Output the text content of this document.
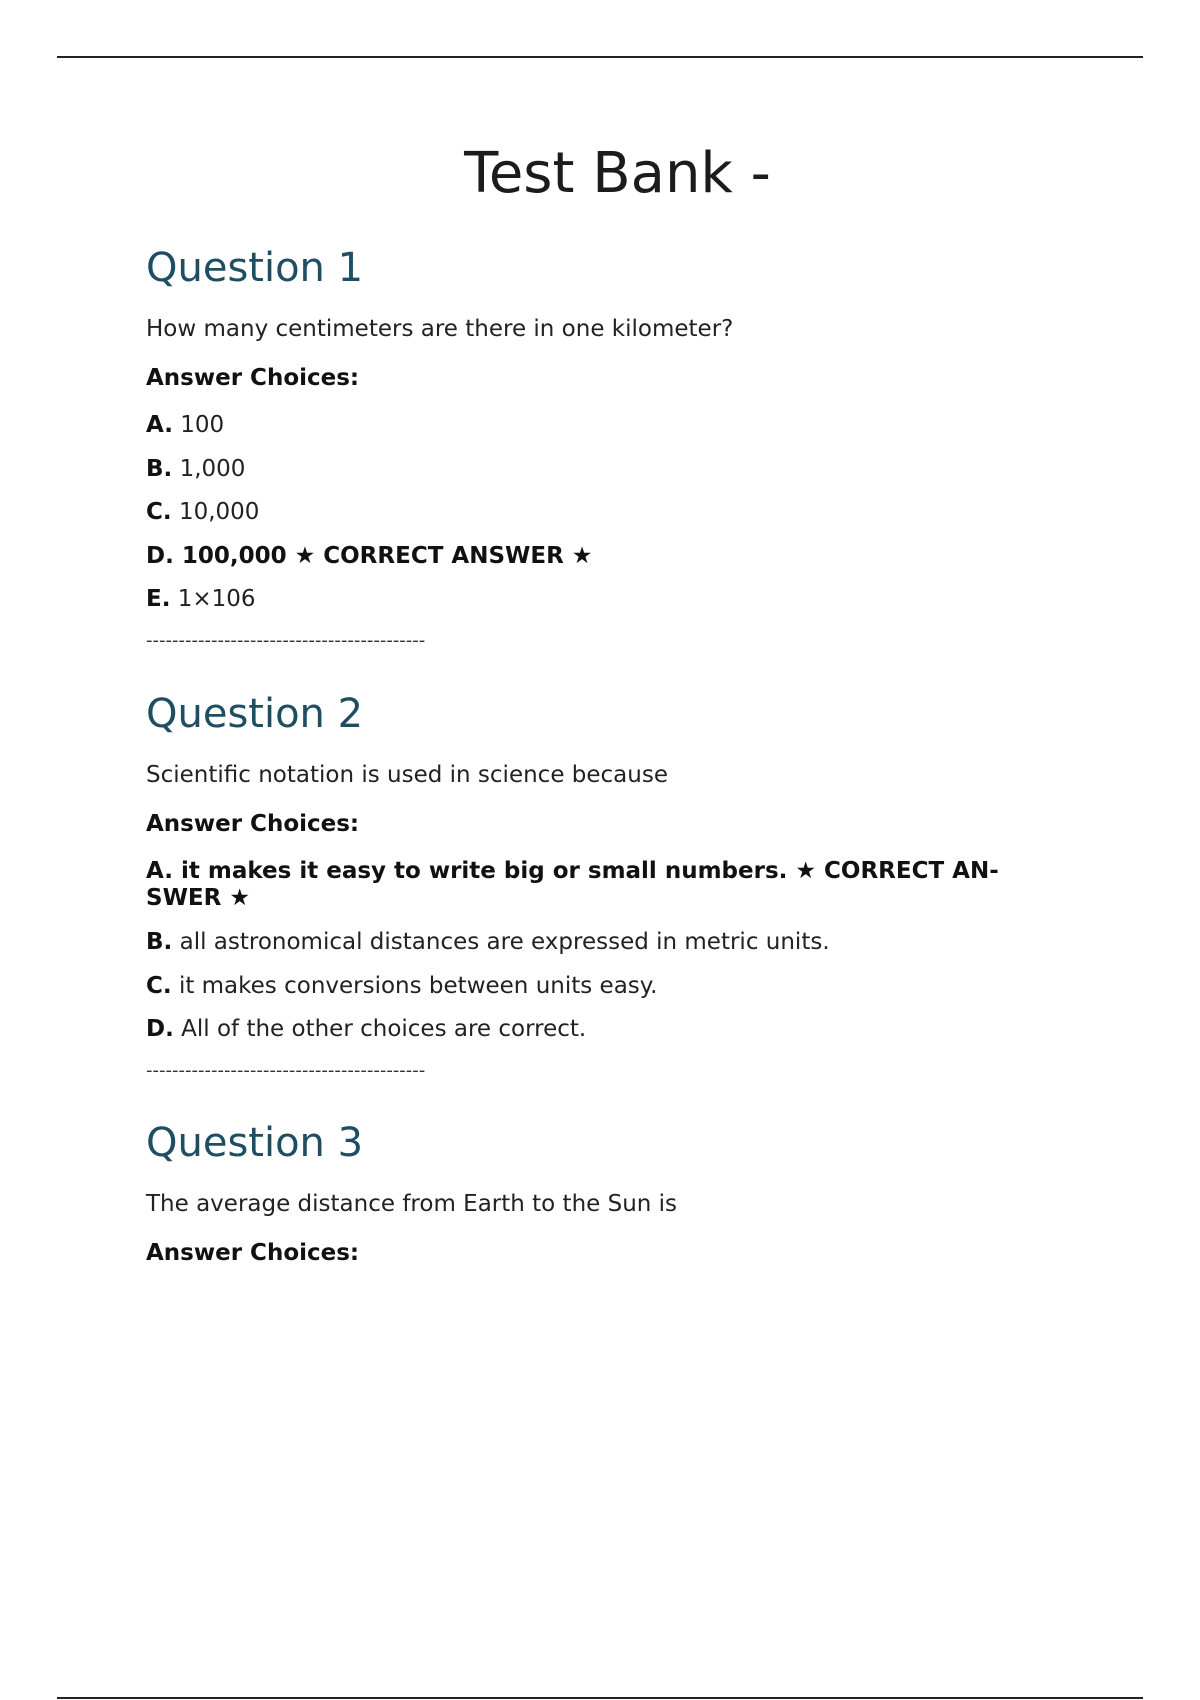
Test Bank -
Question 1

How many centimeters are there in one kilometer?

Answer Choices:

A. 100

B. 1,000

C. 10,000

D. 100,000 ★ CORRECT ANSWER ★

E. 1×106

-------------------------------------------

Question 2

Scientific notation is used in science because

Answer Choices:

A. it makes it easy to write big or small numbers. ★ CORRECT AN-SWER ★

B. all astronomical distances are expressed in metric units.

C. it makes conversions between units easy.

D. All of the other choices are correct.

-------------------------------------------

Question 3

The average distance from Earth to the Sun is

Answer Choices:
